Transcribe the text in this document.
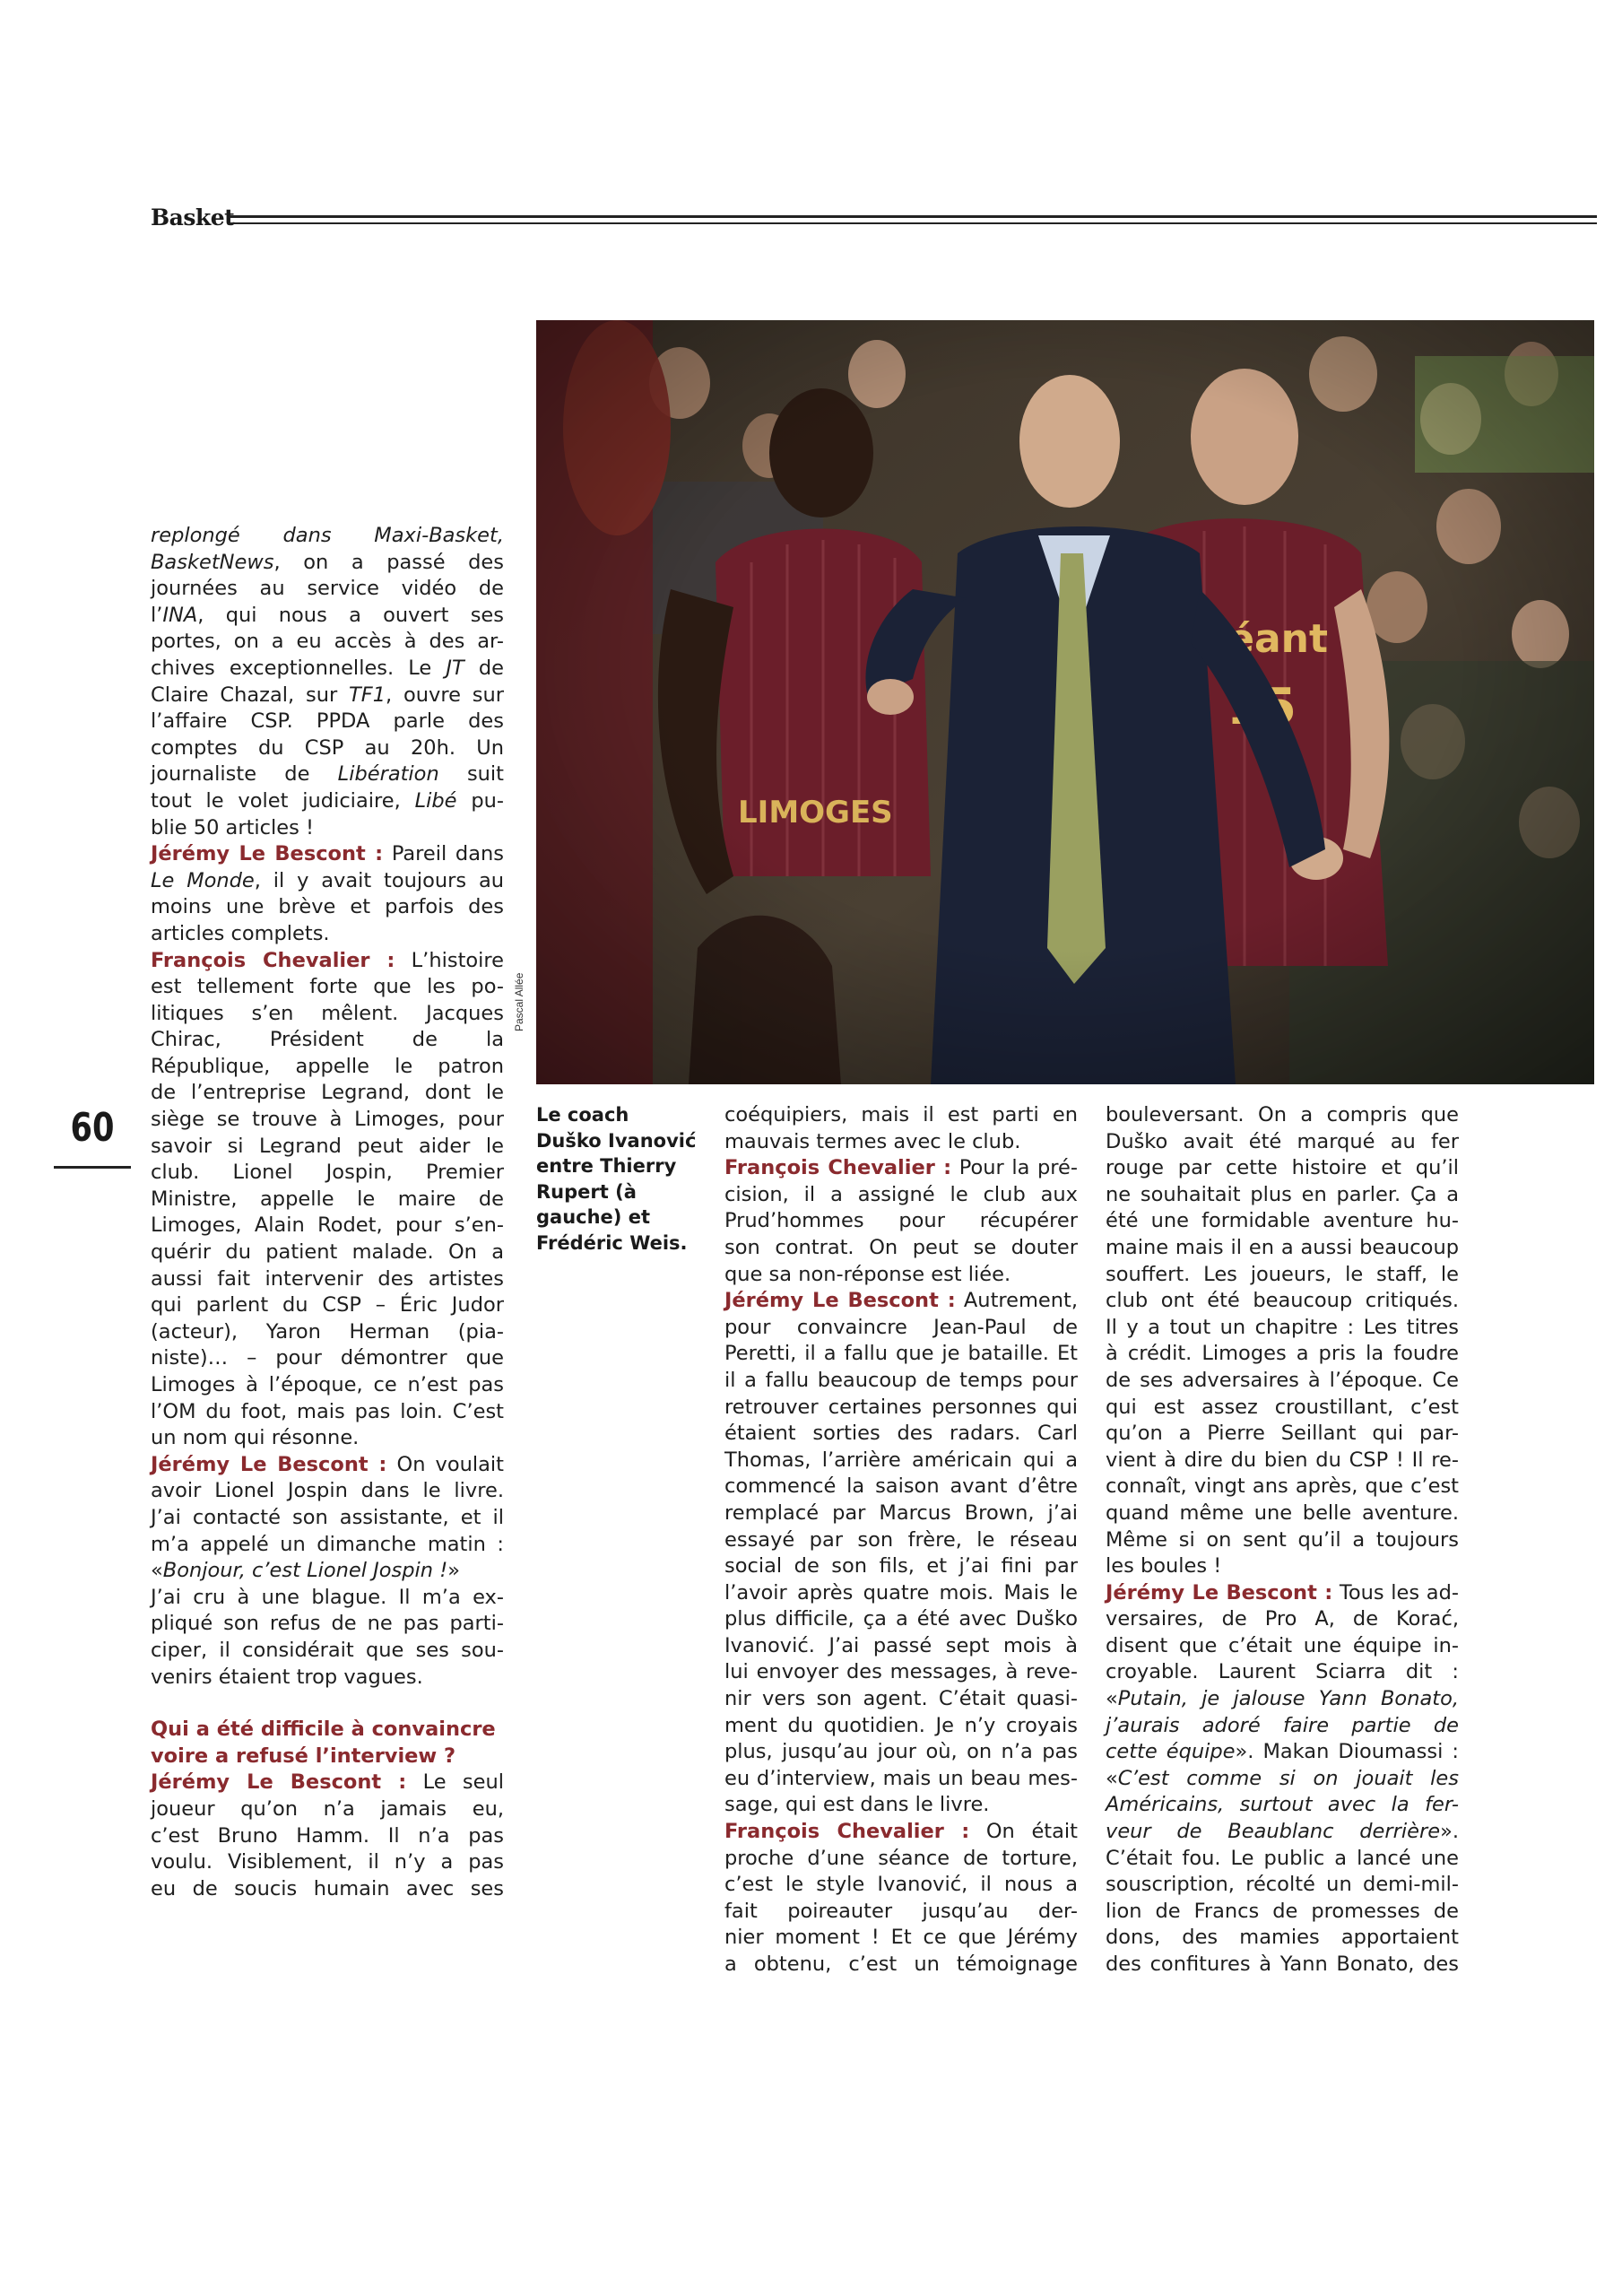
Basket
60
Pascal Allée
Le coach
Duško Ivanović
entre Thierry
Rupert (à
gauche) et
Frédéric Weis.
replongé dans Maxi-Basket,
BasketNews, on a passé des
journées au service vidéo de
l’INA, qui nous a ouvert ses
portes, on a eu accès à des ar-
chives exceptionnelles. Le JT de
Claire Chazal, sur TF1, ouvre sur
l’affaire CSP. PPDA parle des
comptes du CSP au 20h. Un
journaliste de Libération suit
tout le volet judiciaire, Libé pu-
blie 50 articles !
Jérémy Le Bescont : Pareil dans
Le Monde, il y avait toujours au
moins une brève et parfois des
articles complets.
François Chevalier : L’histoire
est tellement forte que les po-
litiques s’en mêlent. Jacques
Chirac, Président de la
République, appelle le patron
de l’entreprise Legrand, dont le
siège se trouve à Limoges, pour
savoir si Legrand peut aider le
club. Lionel Jospin, Premier
Ministre, appelle le maire de
Limoges, Alain Rodet, pour s’en-
quérir du patient malade. On a
aussi fait intervenir des artistes
qui parlent du CSP – Éric Judor
(acteur), Yaron Herman (pia-
niste)… – pour démontrer que
Limoges à l’époque, ce n’est pas
l’OM du foot, mais pas loin. C’est
un nom qui résonne.
Jérémy Le Bescont : On voulait
avoir Lionel Jospin dans le livre.
J’ai contacté son assistante, et il
m’a appelé un dimanche matin :
«Bonjour, c’est Lionel Jospin !»
J’ai cru à une blague. Il m’a ex-
pliqué son refus de ne pas parti-
ciper, il considérait que ses sou-
venirs étaient trop vagues.
Qui a été difficile à convaincre
voire a refusé l’interview ?
Jérémy Le Bescont : Le seul
joueur qu’on n’a jamais eu,
c’est Bruno Hamm. Il n’a pas
voulu. Visiblement, il n’y a pas
eu de soucis humain avec ses
coéquipiers, mais il est parti en
mauvais termes avec le club.
François Chevalier : Pour la pré-
cision, il a assigné le club aux
Prud’hommes pour récupérer
son contrat. On peut se douter
que sa non-réponse est liée.
Jérémy Le Bescont : Autrement,
pour convaincre Jean-Paul de
Peretti, il a fallu que je bataille. Et
il a fallu beaucoup de temps pour
retrouver certaines personnes qui
étaient sorties des radars. Carl
Thomas, l’arrière américain qui a
commencé la saison avant d’être
remplacé par Marcus Brown, j’ai
essayé par son frère, le réseau
social de son fils, et j’ai fini par
l’avoir après quatre mois. Mais le
plus difficile, ça a été avec Duško
Ivanović. J’ai passé sept mois à
lui envoyer des messages, à reve-
nir vers son agent. C’était quasi-
ment du quotidien. Je n’y croyais
plus, jusqu’au jour où, on n’a pas
eu d’interview, mais un beau mes-
sage, qui est dans le livre.
François Chevalier : On était
proche d’une séance de torture,
c’est le style Ivanović, il nous a
fait poireauter jusqu’au der-
nier moment ! Et ce que Jérémy
a obtenu, c’est un témoignage
bouleversant. On a compris que
Duško avait été marqué au fer
rouge par cette histoire et qu’il
ne souhaitait plus en parler. Ça a
été une formidable aventure hu-
maine mais il en a aussi beaucoup
souffert. Les joueurs, le staff, le
club ont été beaucoup critiqués.
Il y a tout un chapitre : Les titres
à crédit. Limoges a pris la foudre
de ses adversaires à l’époque. Ce
qui est assez croustillant, c’est
qu’on a Pierre Seillant qui par-
vient à dire du bien du CSP ! Il re-
connaît, vingt ans après, que c’est
quand même une belle aventure.
Même si on sent qu’il a toujours
les boules !
Jérémy Le Bescont : Tous les ad-
versaires, de Pro A, de Korać,
disent que c’était une équipe in-
croyable. Laurent Sciarra dit :
«Putain, je jalouse Yann Bonato,
j’aurais adoré faire partie de
cette équipe». Makan Dioumassi :
«C’est comme si on jouait les
Américains, surtout avec la fer-
veur de Beaublanc derrière».
C’était fou. Le public a lancé une
souscription, récolté un demi-mil-
lion de Francs de promesses de
dons, des mamies apportaient
des confitures à Yann Bonato, des
